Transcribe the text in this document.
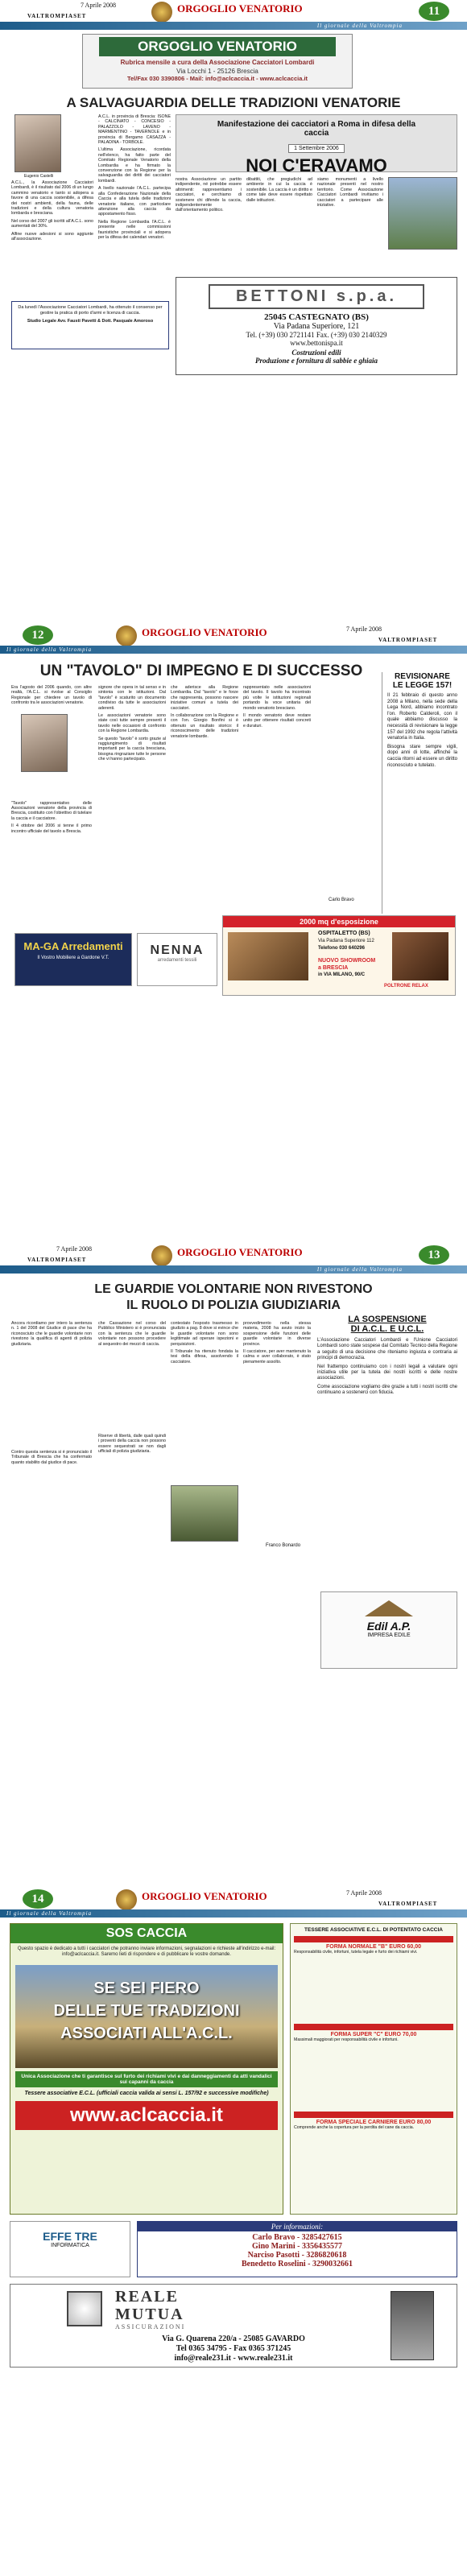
7 Aprile 2008
VALTROMPIASET
ORGOGLIO VENATORIO	11
Il giornale della Valtrompia
ORGOGLIO VENATORIO
Rubrica mensile a cura della Associazione Cacciatori Lombardi
Via Locchi 1 - 25126 Brescia
Tel/Fax 030 3390806 - Mail: info@aclcaccia.it - www.aclcaccia.it
A SALVAGUARDIA DELLE TRADIZIONI VENATORIE
Eugenio Castelli

A.C.L., la Associazione Cacciatori Lombardi, è il risultato dal 2006 di un lungo cammino venatorio e tanto si adopera a favore di una caccia sostenibile, a difesa dei nostri ambienti, della fauna, delle tradizioni e della cultura venatoria lombarda e bresciana.

Nel corso del 2007 gli iscritti all'A.C.L. sono aumentati del 30%.

Alfine nuove adesioni si sono aggiunte all'associazione.

A.C.L. in provincia di Brescia: ISONE - CALCINATO - CONCESIO - PALAZZOLO - LAVENO - MARMENTINO - TAVERNOLE e in provincia di Bergamo CASAZZA - PALADINA - TORBOLE.

L'ultima Associazione, ricordata nell'elenco, ha fatto parte del Comitato Regionale Venatorio della Lombardia e ha firmato la convenzione con la Regione per la salvaguardia dei diritti dei cacciatori lombardi.

A livello nazionale l'A.C.L. partecipa alla Confederazione Nazionale della Caccia e alla tutela delle tradizioni venatorie italiane, con particolare attenzione alla caccia da appostamento fisso.

Nella Regione Lombardia l'A.C.L. è presente nelle commissioni faunistiche provinciali e si adopera per la difesa dei calendari venatori.

Manifestazione dei cacciatori a Roma in difesa della caccia
1 Settembre 2006
NOI C'ERAVAMO

nostra Associazione un partito indipendente, né potrebbe essere altrimenti: rappresentiamo i cacciatori, e cerchiamo di sostenere chi difende la caccia, indipendentemente dall'orientamento politico.

dibattiti, che pregiudichi ad ambiente in cui la caccia è sostenibile. La caccia è un diritto e come tale deve essere rispettato dalle istituzioni.

siamo monumenti a livello nazionale presenti nel nostro territorio. Come Associazione Cacciatori Lombardi invitiamo i cacciatori a partecipare alle iniziative.

Da lunedì l'Associazione Cacciatori Lombardi, ha ottenuto il consenso per gestire la pratica di porto d'armi e licenza di caccia.

Studio Legale Avv. Fausti Pavetti & Dott. Pasquale Amoroso

BETTONI s.p.a.
25045 CASTEGNATO (BS)
Via Padana Superiore, 121
Tel. (+39) 030 2721141 Fax. (+39) 030 2140329
www.bettonispa.it
Costruzioni edili
Produzione e fornitura di sabbie e ghiaia
12	ORGOGLIO VENATORIO	7 Aprile 2008
VALTROMPIASET
Il giornale della Valtrompia
UN "TAVOLO" DI IMPEGNO E DI SUCCESSO

Era l'agosto del 2006 quando, con altre realtà, l'A.C.L. si rivolse al Consiglio Regionale per chiedere un tavolo di confronto tra le associazioni venatorie.

"Tavolo" rappresentativo delle Associazioni venatorie della provincia di Brescia, costituito con l'obiettivo di tutelare la caccia e il cacciatore.

Il 4 ottobre del 2006 si tenne il primo incontro ufficiale del tavolo a Brescia.

signore che opera in tal senso e in sintonia con le istituzioni. Dal "tavolo" è scaturito un documento condiviso da tutte le associazioni aderenti.

Le associazioni venatorie sono state così tutte sempre presenti il tavolo nelle occasioni di confronto con la Regione Lombardia.

Se questo "tavolo" è sorto grazie al raggiungimento di risultati importanti per la caccia bresciana, bisogna ringraziare tutte le persone che vi hanno partecipato.

che aderisce alla Regione Lombardia. Dal "tavolo" e le forze che rappresenta, possono nascere iniziative comuni a tutela dei cacciatori.

In collaborazione con la Regione e con l'on. Giorgio Bonfini si è ottenuto un risultato storico: il riconoscimento delle tradizioni venatorie lombarde.

rappresentato nelle associazioni del tavolo. Il tavolo ha incontrato più volte le istituzioni regionali portando la voce unitaria del mondo venatorio bresciano.

Il mondo venatorio deve restare unito per ottenere risultati concreti e duraturi.

Carlo Bravo
REVISIONARE
LE LEGGE 157!

Il 21 febbraio di questo anno 2008 a Milano, nella sede della Lega Nord, abbiamo incontrato l'on. Roberto Calderoli, con il quale abbiamo discusso la necessità di revisionare la legge 157 del 1992 che regola l'attività venatoria in Italia.

Bisogna stare sempre vigili, dopo anni di lotte, affinché la caccia ritorni ad essere un diritto riconosciuto e tutelato.

MA-GA Arredamenti
Il Vostro Mobiliere a Gardone V.T.
NENNA
arredamenti tessili
2000 mq d'esposizione
OSPITALETTO (BS)
Via Padana Superiore 112
Telefono 030 640296
NUOVO SHOWROOM
a BRESCIA
in VIA MILANO, 90/C
POLTRONE RELAX
7 Aprile 2008
VALTROMPIASET
ORGOGLIO VENATORIO	13
Il giornale della Valtrompia
LE GUARDIE VOLONTARIE NON RIVESTONO
IL RUOLO DI POLIZIA GIUDIZIARIA

Ancora ricordiamo per intero la sentenza n. 1 del 2008 del Giudice di pace che ha riconosciuto che le guardie volontarie non rivestono la qualifica di agenti di polizia giudiziaria.

Contro questa sentenza si è pronunciato il Tribunale di Brescia che ha confermato quanto stabilito dal giudice di pace.

che Cassazione nel corso del Pubblico Ministero si è pronunciata con la sentenza che le guardie volontarie non possono procedere al sequestro dei mezzi di caccia.

Riserve di libertà, dalle quali quindi i proventi della caccia non possono essere sequestrati se non dagli ufficiali di polizia giudiziaria.

contestato l'esposto trasmesso in giudizio a pag. 8 dove si evince che le guardie volontarie non sono legittimate ad operare ispezioni e perquisizioni.

Il Tribunale ha ritenuto fondata la tesi della difesa, assolvendo il cacciatore.

provvedimento nella stessa materia, 2008 ha avuto inizio la sospensione delle funzioni delle guardie volontarie in diverse province.

Il cacciatore, per aver mantenuto la calma e aver collaborato, è stato pienamente assolto.

Franco Bonardo
LA SOSPENSIONE
DI A.C.L. E U.C.L.

L'Associazione Cacciatori Lombardi e l'Unione Cacciatori Lombardi sono state sospese dal Comitato Tecnico della Regione a seguito di una decisione che riteniamo ingiusta e contraria ai principi di democrazia.

Nel frattempo continuiamo con i nostri legali a valutare ogni iniziativa utile per la tutela dei nostri iscritti e delle nostre associazioni.

Come associazione vogliamo dire grazie a tutti i nostri iscritti che continuano a sostenerci con fiducia.

Edil A.P.
IMPRESA EDILE
14	ORGOGLIO VENATORIO	7 Aprile 2008
VALTROMPIASET
Il giornale della Valtrompia
SOS CACCIA
Questo spazio è dedicato a tutti i cacciatori che potranno inviare informazioni, segnalazioni e richieste all'indirizzo e-mail: info@aclcaccia.it. Saremo lieti di rispondere e di pubblicare le vostre domande.
SE SEI FIERO
DELLE TUE TRADIZIONI
ASSOCIATI ALL'A.C.L.
Unica Associazione che ti garantisce sul furto dei richiami vivi e dai danneggiamenti da atti vandalici sui capanni da caccia
Tessere associative E.C.L. (ufficiali caccia valida ai sensi L. 157/92 e successive modifiche)
www.aclcaccia.it
TESSERE ASSOCIATIVE E.C.L. DI POTENTATO CACCIA
FORMA NORMALE "B" EURO 60,00
Responsabilità civile, infortuni, tutela legale e furto dei richiami vivi.
FORMA SUPER "C" EURO 70,00
Massimali maggiorati per responsabilità civile e infortuni.
FORMA SPECIALE CARNIERE EURO 80,00
Comprende anche la copertura per la perdita del cane da caccia.
EFFE TRE
INFORMATICA
Per informazioni:
Carlo Bravo - 3285427615
Gino Marini - 3356435577
Narciso Pasotti - 3286820618
Benedetto Roselini - 3290032661
REALE
MUTUA
ASSICURAZIONI
Via G. Quarena 220/a - 25085 GAVARDO
Tel 0365 34795 - Fax 0365 371245
info@reale231.it - www.reale231.it
